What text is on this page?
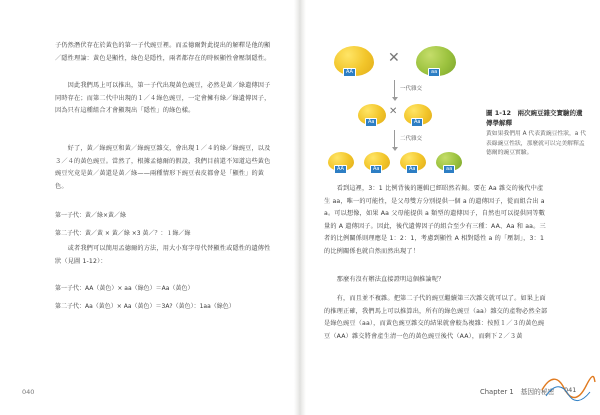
子仍然潛伏存在於黃色的第一子代豌豆裡。而孟德爾對此提出的解釋是他的顯／隱性理論：黃色是顯性，綠色是隱性，兩者都存在的時候顯性會壓制隱性。
　　因此我們馬上可以推出，第一子代出現黃色豌豆，必然是黃／綠遺傳因子同時存在；而第二代中出現的１／４綠色豌豆，一定會擁有綠／綠遺傳因子，因為只有這種組合才會顯現出「隱性」的綠色樣。
　　好了，黃／綠豌豆和黃／綠豌豆雜交，會出現１／４的綠／綠豌豆，以及３／４的黃色豌豆。當然了，根據孟德爾的假設，我們目前還不知道這些黃色豌豆究竟是黃／黃還是黃／綠——兩種情形下豌豆表皮都會是「顯性」的黃色。
第一子代：黃／綠×黃／綠
第二子代：黃／黃 × 黃／綠 ×3 黃／？：１綠／綠
　　或者我們可以簡用孟德爾的方法，用大小寫字母代替顯性或隱性的遺傳性狀（見圖 1-12）：
第一子代：AA（黃色）× aa（綠色）＝Aa（黃色）
第二子代：Aa（黃色）× Aa（黃色）＝3A?（黃色）：1aa（綠色）
040
AA
✕
aa
一代雜交
Aa
✕
Aa
二代雜交
AA	Aa	Aa	aa
圖 1-12　兩次豌豆雜交實驗的遺傳學解釋
黃如果我們用 A 代表黃豌豆性狀，a 代表綠豌豆性狀，那麼就可以完美解釋孟德爾的豌豆實驗。
　　看到這裡，3：1 比例背後的邏輯已經昭然若揭。要在 Aa 雜交的後代中產生 aa，唯一的可能性，是父母雙方分別提供一個 a 的遺傳因子，從而組合出 aa。可以想像，如果 Aa 父母能提供 a 類型的遺傳因子，自然也可以提供同等數量的 A 遺傳因子。因此，後代遺傳因子的組合至少有三種：AA、Aa 和 aa。三者的比例關係則理應是 1：2：1，考慮到顯性 A 相對隱性 a 的「壓制」，3：1 的比例關係也就自然而然出現了！
　　那麼有沒有辦法直接證明這個推論呢？
　　有，而且並不複雜。把第二子代的豌豆繼續第三次雜交就可以了。如果上面的推理正確，我們馬上可以推算出，所有的綠色豌豆（aa）雜交的產物必然全部是綠色豌豆（aa），而黃色豌豆雜交的結果就會較為複雜：按照１／３的黃色豌豆（AA）雜交將會產生清一色的黃色豌豆後代（AA），而剩下２／３黃
Chapter 1　基因的秘密 041
